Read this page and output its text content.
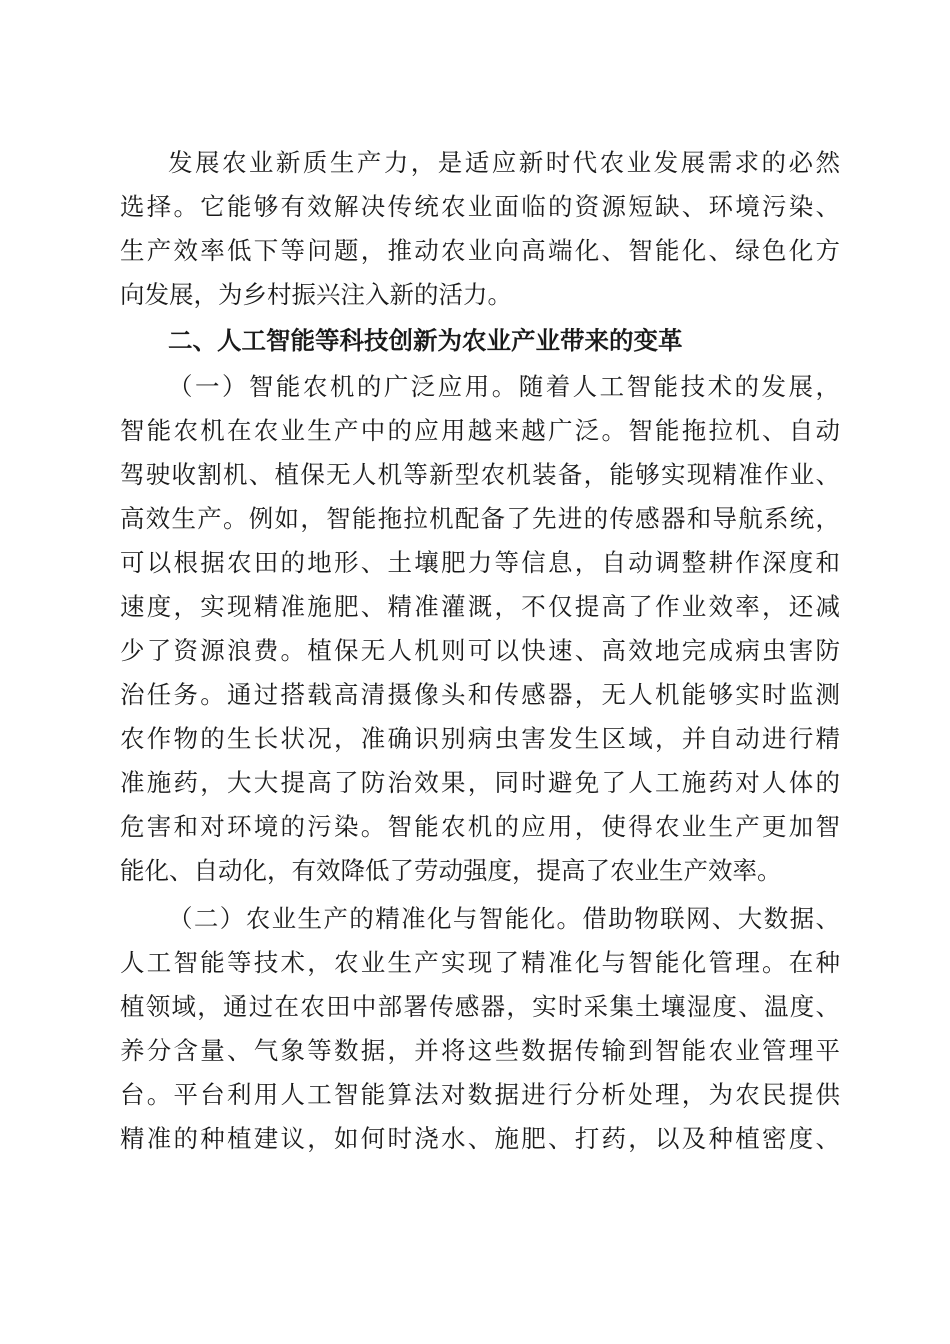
发展农业新质生产力，是适应新时代农业发展需求的必然
选择。它能够有效解决传统农业面临的资源短缺、环境污染、
生产效率低下等问题，推动农业向高端化、智能化、绿色化方
向发展，为乡村振兴注入新的活力。
二、人工智能等科技创新为农业产业带来的变革
（一）智能农机的广泛应用。随着人工智能技术的发展，
智能农机在农业生产中的应用越来越广泛。智能拖拉机、自动
驾驶收割机、植保无人机等新型农机装备，能够实现精准作业、
高效生产。例如，智能拖拉机配备了先进的传感器和导航系统，
可以根据农田的地形、土壤肥力等信息，自动调整耕作深度和
速度，实现精准施肥、精准灌溉，不仅提高了作业效率，还减
少了资源浪费。植保无人机则可以快速、高效地完成病虫害防
治任务。通过搭载高清摄像头和传感器，无人机能够实时监测
农作物的生长状况，准确识别病虫害发生区域，并自动进行精
准施药，大大提高了防治效果，同时避免了人工施药对人体的
危害和对环境的污染。智能农机的应用，使得农业生产更加智
能化、自动化，有效降低了劳动强度，提高了农业生产效率。
（二）农业生产的精准化与智能化。借助物联网、大数据、
人工智能等技术，农业生产实现了精准化与智能化管理。在种
植领域，通过在农田中部署传感器，实时采集土壤湿度、温度、
养分含量、气象等数据，并将这些数据传输到智能农业管理平
台。平台利用人工智能算法对数据进行分析处理，为农民提供
精准的种植建议，如何时浇水、施肥、打药，以及种植密度、
